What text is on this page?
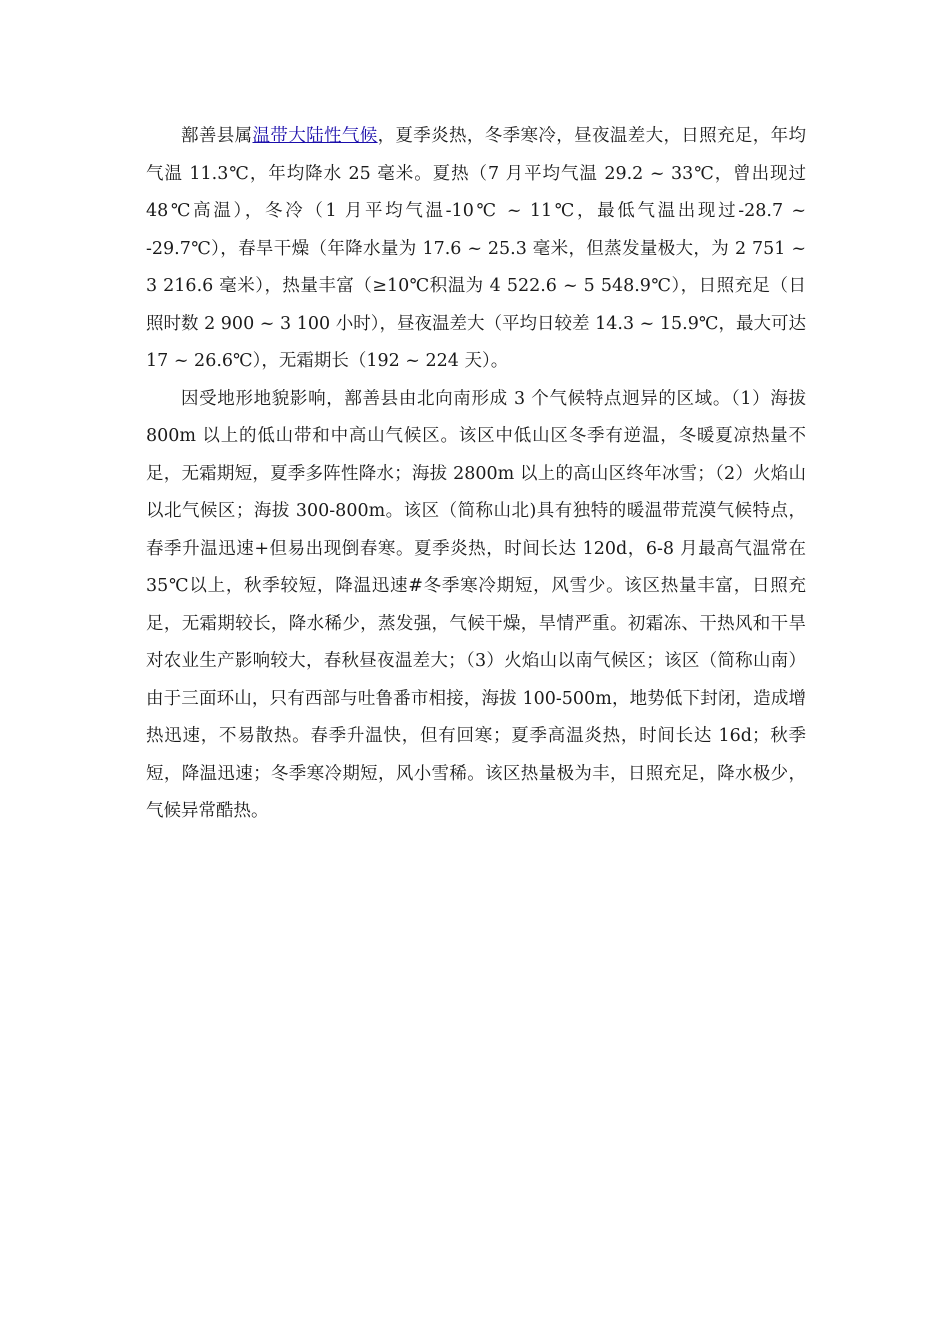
鄯善县属温带大陆性气候，夏季炎热，冬季寒冷，昼夜温差大，日照充足，年均气温 11.3℃，年均降水 25 毫米。夏热（7 月平均气温 29.2 ~ 33℃，曾出现过 48℃高温），冬冷（1 月平均气温-10℃ ~ 11℃，最低气温出现过-28.7 ~ -29.7℃），春旱干燥（年降水量为 17.6 ~ 25.3 毫米，但蒸发量极大，为 2 751 ~ 3 216.6 毫米），热量丰富（≥10℃积温为 4 522.6 ~ 5 548.9℃），日照充足（日照时数 2 900 ~ 3 100 小时），昼夜温差大（平均日较差 14.3 ~ 15.9℃，最大可达 17 ~ 26.6℃），无霜期长（192 ~ 224 天）。

因受地形地貌影响，鄯善县由北向南形成 3 个气候特点迥异的区域。（1）海拔 800m 以上的低山带和中高山气候区。该区中低山区冬季有逆温，冬暖夏凉热量不足，无霜期短，夏季多阵性降水；海拔 2800m 以上的高山区终年冰雪；（2）火焰山以北气候区；海拔 300-800m。该区（简称山北)具有独特的暖温带荒漠气候特点，春季升温迅速+但易出现倒春寒。夏季炎热，时间长达 120d，6-8 月最高气温常在 35℃以上，秋季较短，降温迅速#冬季寒冷期短，风雪少。该区热量丰富，日照充足，无霜期较长，降水稀少，蒸发强，气候干燥，旱情严重。初霜冻、干热风和干旱对农业生产影响较大，春秋昼夜温差大；（3）火焰山以南气候区；该区（简称山南）由于三面环山，只有西部与吐鲁番市相接，海拔 100-500m，地势低下封闭，造成增热迅速，不易散热。春季升温快，但有回寒；夏季高温炎热，时间长达 16d；秋季短，降温迅速；冬季寒冷期短，风小雪稀。该区热量极为丰，日照充足，降水极少，气候异常酷热。
